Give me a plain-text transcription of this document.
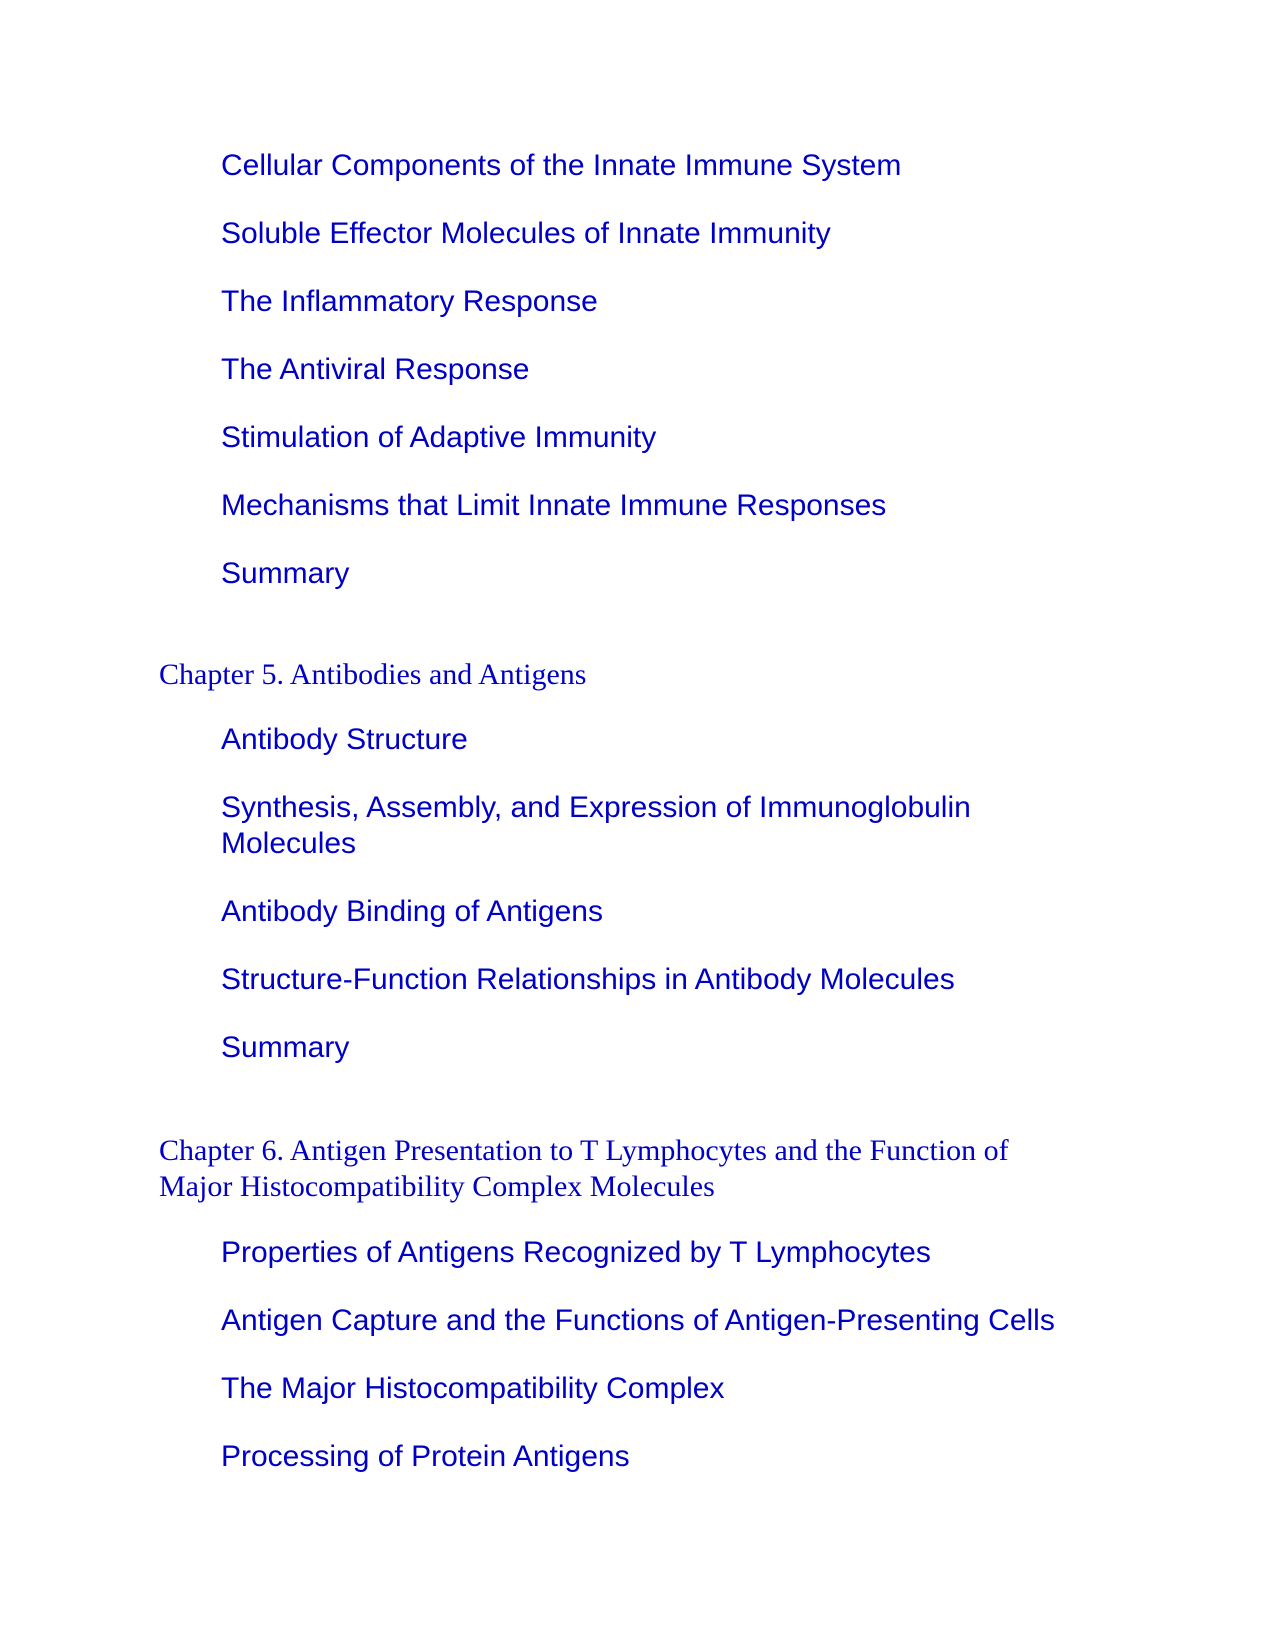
Cellular Components of the Innate Immune System
Soluble Effector Molecules of Innate Immunity
The Inflammatory Response
The Antiviral Response
Stimulation of Adaptive Immunity
Mechanisms that Limit Innate Immune Responses
Summary
Chapter 5. Antibodies and Antigens
Antibody Structure
Synthesis, Assembly, and Expression of Immunoglobulin Molecules
Antibody Binding of Antigens
Structure-Function Relationships in Antibody Molecules
Summary
Chapter 6. Antigen Presentation to T Lymphocytes and the Function of
Major Histocompatibility Complex Molecules
Properties of Antigens Recognized by T Lymphocytes
Antigen Capture and the Functions of Antigen-Presenting Cells
The Major Histocompatibility Complex
Processing of Protein Antigens
